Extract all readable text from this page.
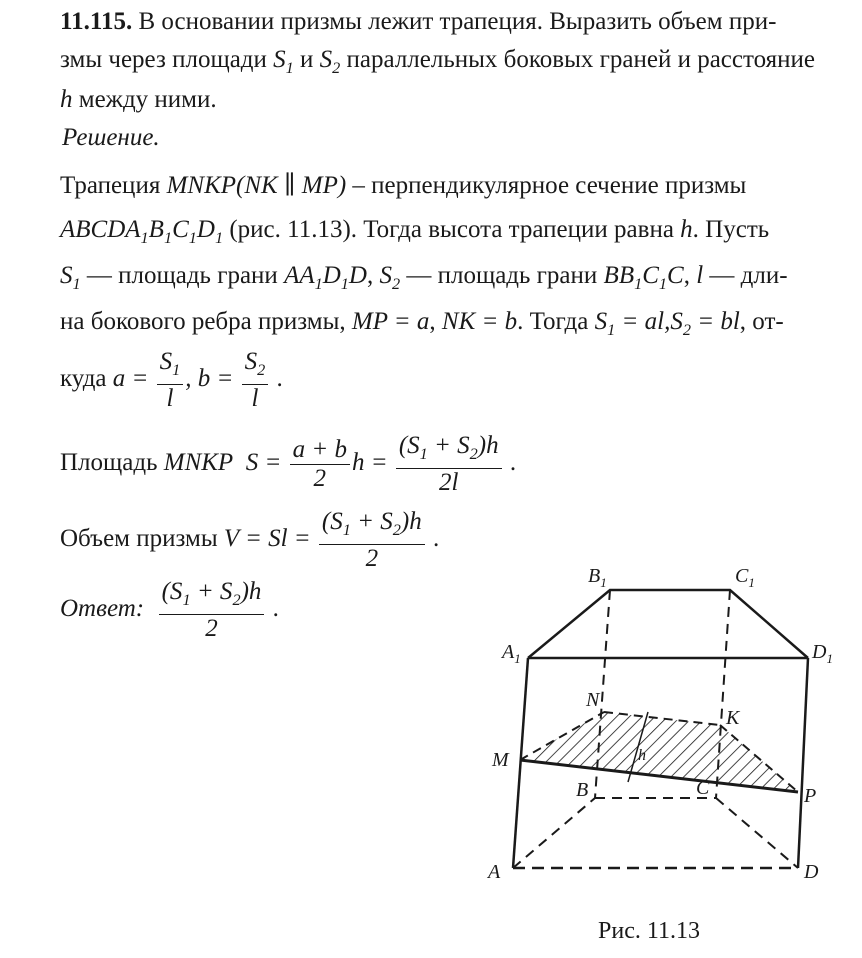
11.115. В основании призмы лежит трапеция. Выразить объем при-
змы через площади $S_1$ и $S_2$ параллельных боковых граней и расстояние
h между ними.
Решение.
Трапеция MNKP(NK ∥ MP) – перпендикулярное сечение призмы
$ABCDA_1B_1C_1D_1$ (рис. 11.13). Тогда высота трапеции равна h. Пусть
$S_1$ — площадь грани $AA_1D_1D$, $S_2$ — площадь грани $BB_1C_1C$, l — дли-
на бокового ребра призмы, MP = a, NK = b. Тогда $S_1 = al,S_2$ = bl, от-
куда $a = \frac{S_1}{l}$ , $b = \frac{S_2}{l}$ .
Площадь MNKP  $S = \frac{a + b}{2}$ $h = \frac{(S_1 + S_2)h}{2l}$ .
Объем призмы $V = Sl = \frac{(S_1 + S_2)h}{2}$ .
Ответ: $\frac{(S_1 + S_2)h}{2}$ .
$B_1$	$C_1$
$A_1$	$D_1$
N
K
M
P
B	C
A	D
h
Рис. 11.13
